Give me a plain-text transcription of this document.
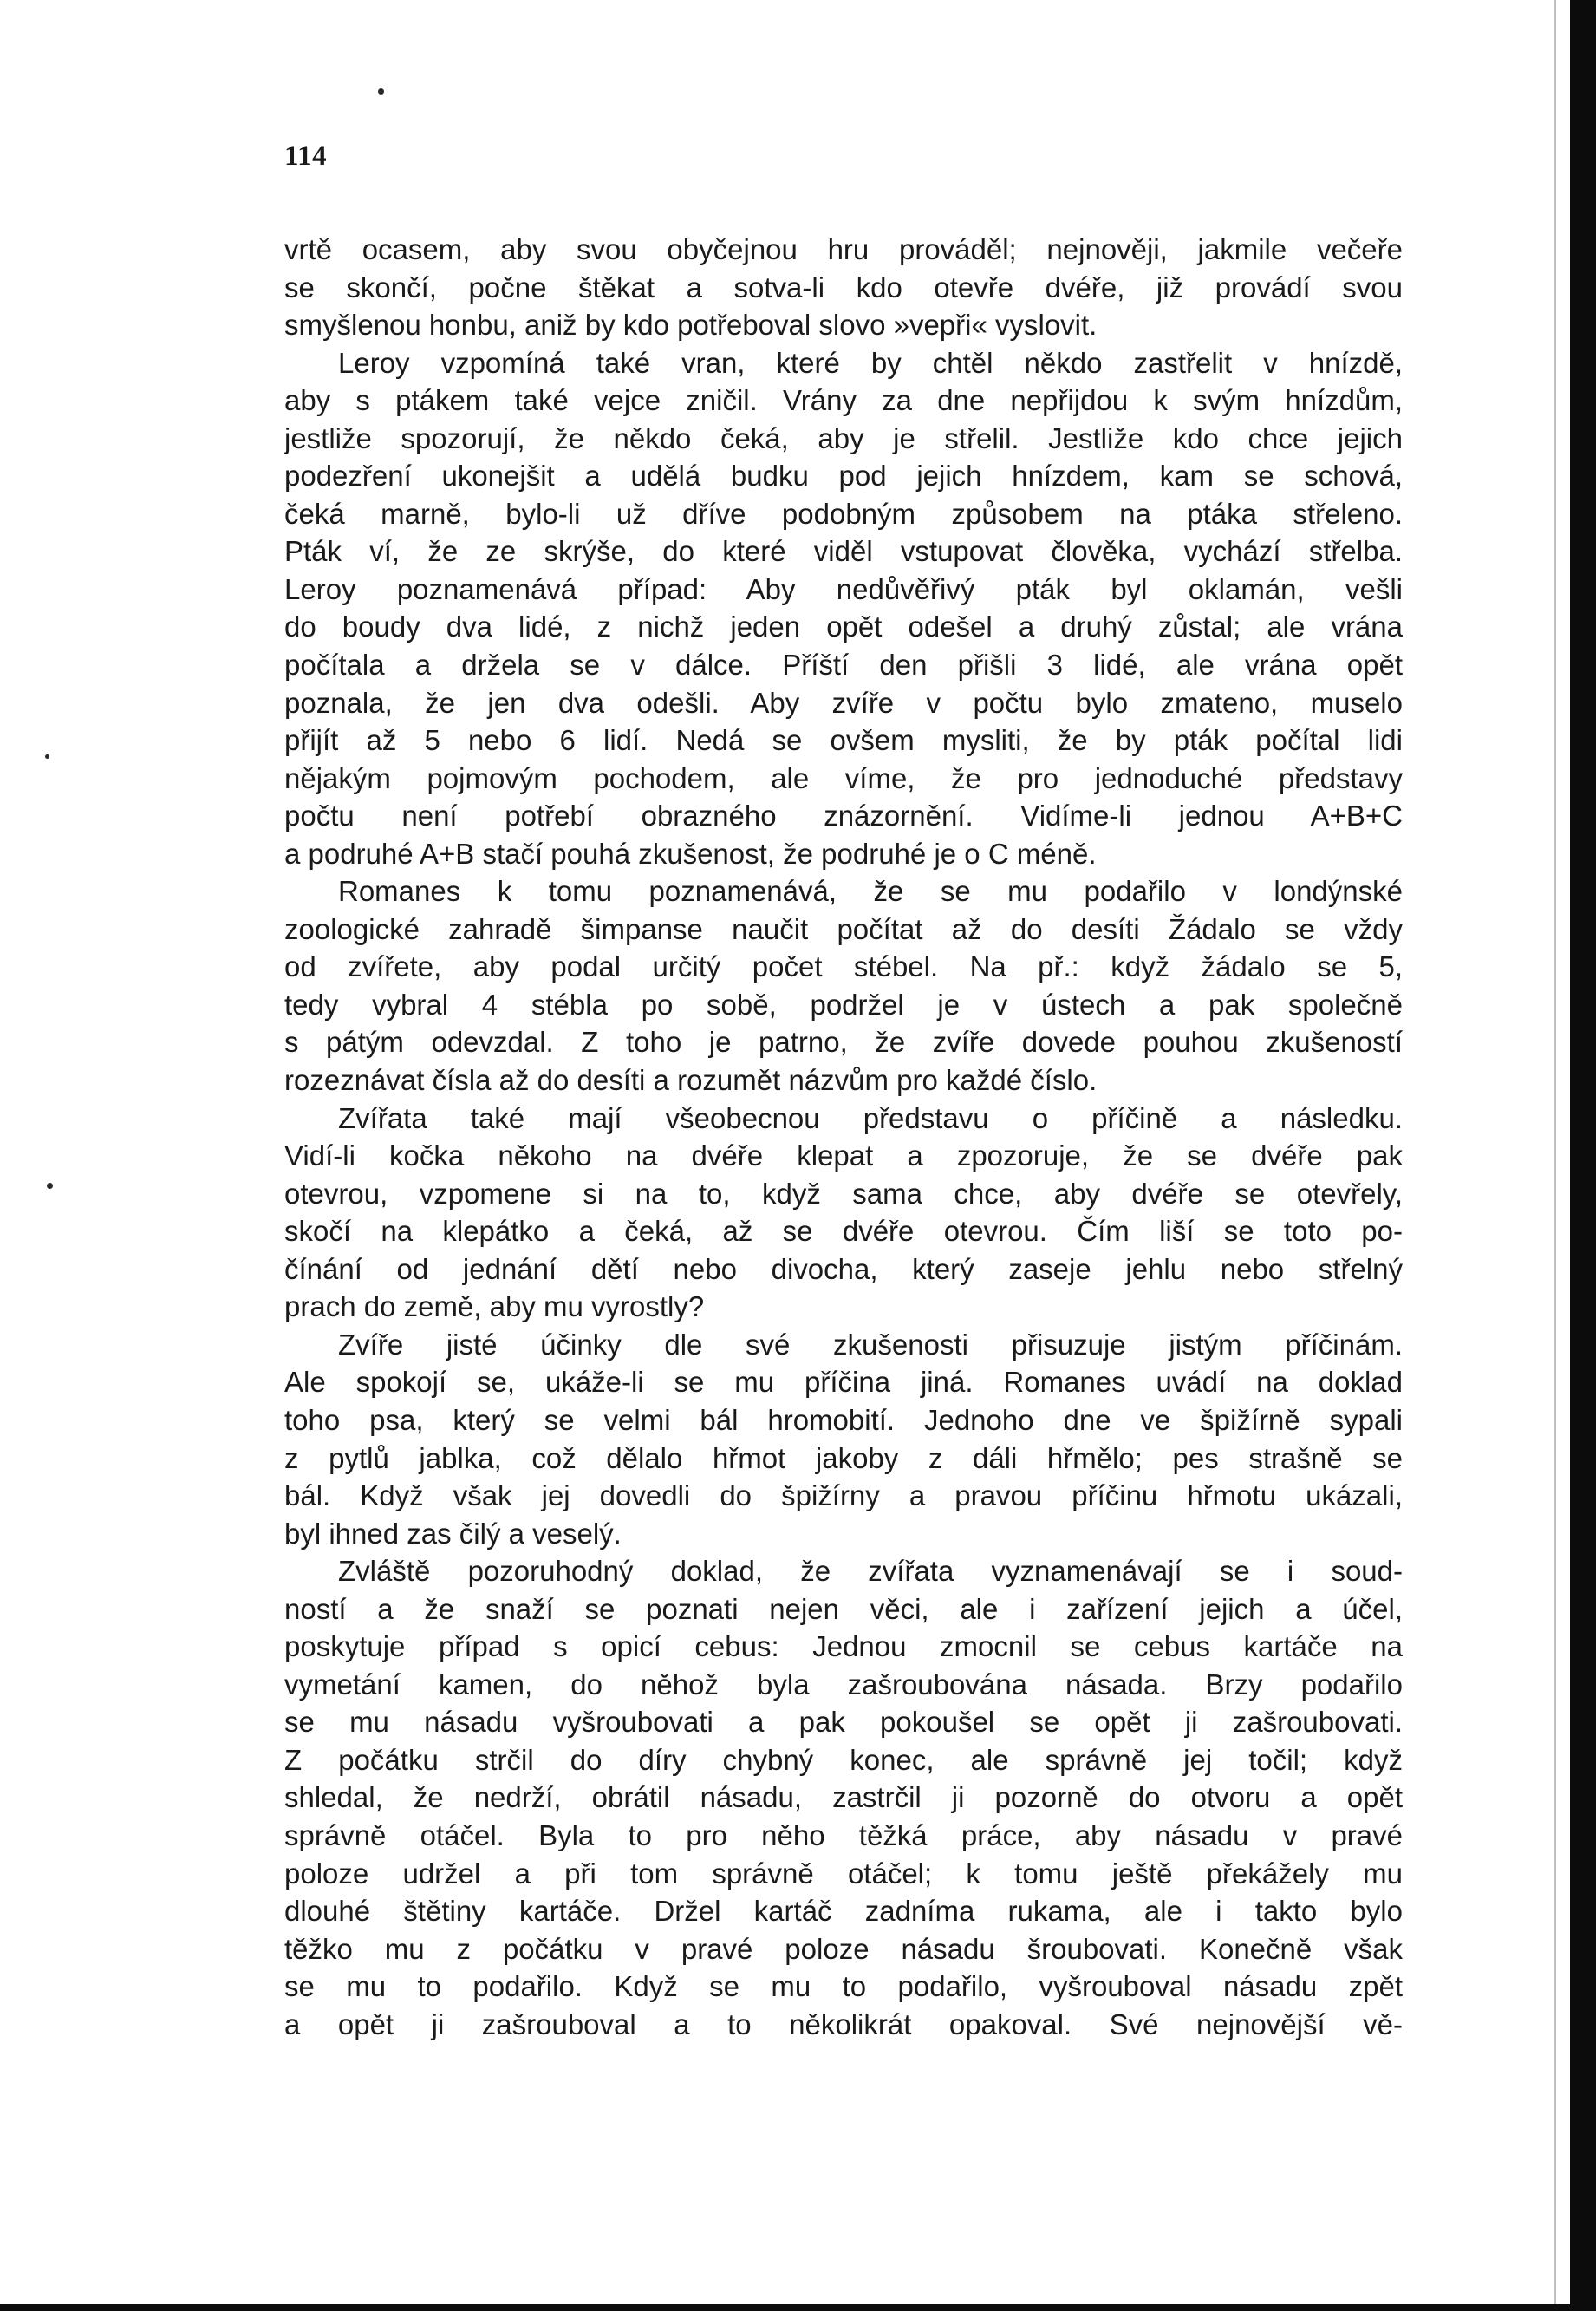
114
vrtě ocasem, aby svou obyčejnou hru prováděl; nejnověji, jakmile večeře
se skončí, počne štěkat a sotva-li kdo otevře dvéře, již provádí svou
smyšlenou honbu, aniž by kdo potřeboval slovo »vepři« vyslovit.
Leroy vzpomíná také vran, které by chtěl někdo zastřelit v hnízdě,
aby s ptákem také vejce zničil. Vrány za dne nepřijdou k svým hnízdům,
jestliže spozorují, že někdo čeká, aby je střelil. Jestliže kdo chce jejich
podezření ukonejšit a udělá budku pod jejich hnízdem, kam se schová,
čeká marně, bylo-li už dříve podobným způsobem na ptáka střeleno.
Pták ví, že ze skrýše, do které viděl vstupovat člověka, vychází střelba.
Leroy poznamenává případ: Aby nedůvěřivý pták byl oklamán, vešli
do boudy dva lidé, z nichž jeden opět odešel a druhý zůstal; ale vrána
počítala a držela se v dálce. Příští den přišli 3 lidé, ale vrána opět
poznala, že jen dva odešli. Aby zvíře v počtu bylo zmateno, muselo
přijít až 5 nebo 6 lidí. Nedá se ovšem mysliti, že by pták počítal lidi
nějakým pojmovým pochodem, ale víme, že pro jednoduché představy
počtu není potřebí obrazného znázornění. Vidíme-li jednou A+B+C
a podruhé A+B stačí pouhá zkušenost, že podruhé je o C méně.
Romanes k tomu poznamenává, že se mu podařilo v londýnské
zoologické zahradě šimpanse naučit počítat až do desíti Žádalo se vždy
od zvířete, aby podal určitý počet stébel. Na př.: když žádalo se 5,
tedy vybral 4 stébla po sobě, podržel je v ústech a pak společně
s pátým odevzdal. Z toho je patrno, že zvíře dovede pouhou zkušeností
rozeznávat čísla až do desíti a rozumět názvům pro každé číslo.
Zvířata také mají všeobecnou představu o příčině a následku.
Vidí-li kočka někoho na dvéře klepat a zpozoruje, že se dvéře pak
otevrou, vzpomene si na to, když sama chce, aby dvéře se otevřely,
skočí na klepátko a čeká, až se dvéře otevrou. Čím liší se toto po-
čínání od jednání dětí nebo divocha, který zaseje jehlu nebo střelný
prach do země, aby mu vyrostly?
Zvíře jisté účinky dle své zkušenosti přisuzuje jistým příčinám.
Ale spokojí se, ukáže-li se mu příčina jiná. Romanes uvádí na doklad
toho psa, který se velmi bál hromobití. Jednoho dne ve špižírně sypali
z pytlů jablka, což dělalo hřmot jakoby z dáli hřmělo; pes strašně se
bál. Když však jej dovedli do špižírny a pravou příčinu hřmotu ukázali,
byl ihned zas čilý a veselý.
Zvláště pozoruhodný doklad, že zvířata vyznamenávají se i soud-
ností a že snaží se poznati nejen věci, ale i zařízení jejich a účel,
poskytuje případ s opicí cebus: Jednou zmocnil se cebus kartáče na
vymetání kamen, do něhož byla zašroubována násada. Brzy podařilo
se mu násadu vyšroubovati a pak pokoušel se opět ji zašroubovati.
Z počátku strčil do díry chybný konec, ale správně jej točil; když
shledal, že nedrží, obrátil násadu, zastrčil ji pozorně do otvoru a opět
správně otáčel. Byla to pro něho těžká práce, aby násadu v pravé
poloze udržel a při tom správně otáčel; k tomu ještě překážely mu
dlouhé štětiny kartáče. Držel kartáč zadníma rukama, ale i takto bylo
těžko mu z počátku v pravé poloze násadu šroubovati. Konečně však
se mu to podařilo. Když se mu to podařilo, vyšrouboval násadu zpět
a opět ji zašrouboval a to několikrát opakoval. Své nejnovější vě-
